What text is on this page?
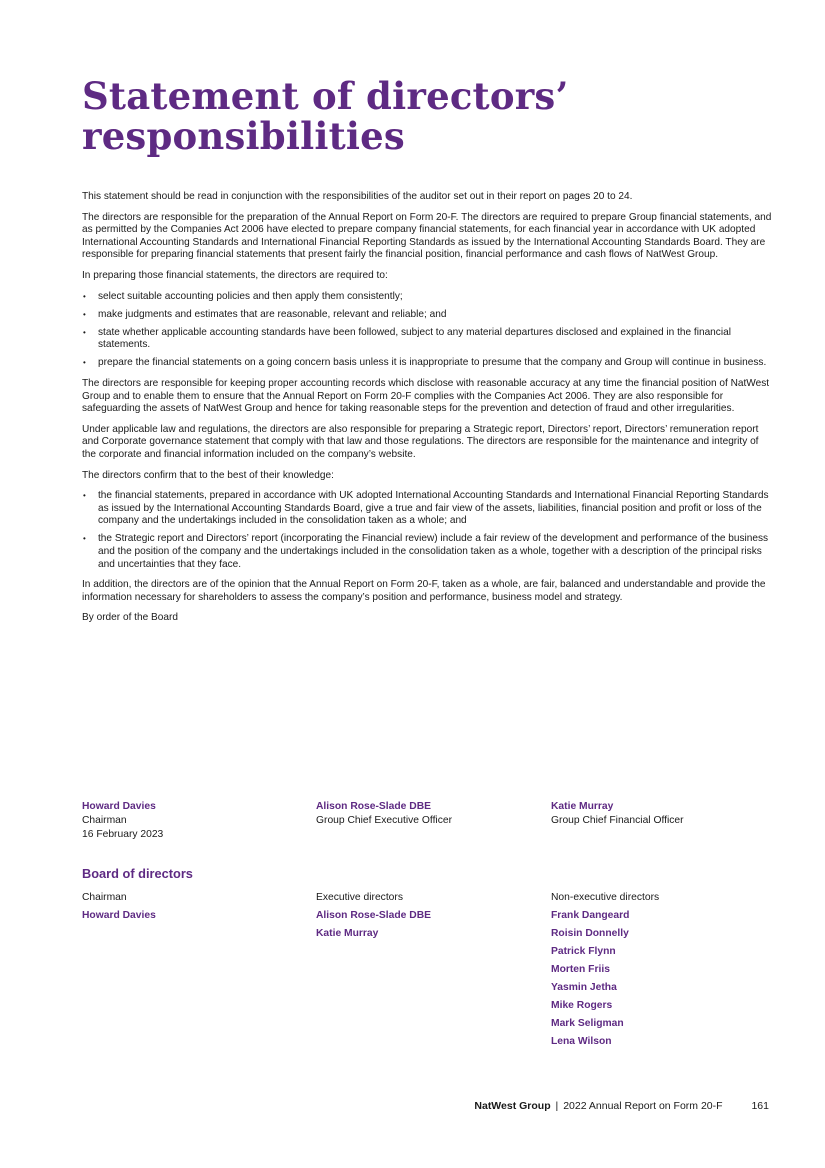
Statement of directors’ responsibilities

This statement should be read in conjunction with the responsibilities of the auditor set out in their report on pages 20 to 24.

The directors are responsible for the preparation of the Annual Report on Form 20-F. The directors are required to prepare Group financial statements, and as permitted by the Companies Act 2006 have elected to prepare company financial statements, for each financial year in accordance with UK adopted International Accounting Standards and International Financial Reporting Standards as issued by the International Accounting Standards Board. They are responsible for preparing financial statements that present fairly the financial position, financial performance and cash flows of NatWest Group.

In preparing those financial statements, the directors are required to:

• select suitable accounting policies and then apply them consistently;
• make judgments and estimates that are reasonable, relevant and reliable; and
• state whether applicable accounting standards have been followed, subject to any material departures disclosed and explained in the financial statements.
• prepare the financial statements on a going concern basis unless it is inappropriate to presume that the company and Group will continue in business.

The directors are responsible for keeping proper accounting records which disclose with reasonable accuracy at any time the financial position of NatWest Group and to enable them to ensure that the Annual Report on Form 20-F complies with the Companies Act 2006. They are also responsible for safeguarding the assets of NatWest Group and hence for taking reasonable steps for the prevention and detection of fraud and other irregularities.

Under applicable law and regulations, the directors are also responsible for preparing a Strategic report, Directors’ report, Directors’ remuneration report and Corporate governance statement that comply with that law and those regulations. The directors are responsible for the maintenance and integrity of the corporate and financial information included on the company’s website.

The directors confirm that to the best of their knowledge:

• the financial statements, prepared in accordance with UK adopted International Accounting Standards and International Financial Reporting Standards as issued by the International Accounting Standards Board, give a true and fair view of the assets, liabilities, financial position and profit or loss of the company and the undertakings included in the consolidation taken as a whole; and
• the Strategic report and Directors’ report (incorporating the Financial review) include a fair review of the development and performance of the business and the position of the company and the undertakings included in the consolidation taken as a whole, together with a description of the principal risks and uncertainties that they face.

In addition, the directors are of the opinion that the Annual Report on Form 20-F, taken as a whole, are fair, balanced and understandable and provide the information necessary for shareholders to assess the company’s position and performance, business model and strategy.

By order of the Board

Howard Davies
Chairman
16 February 2023
Alison Rose-Slade DBE
Group Chief Executive Officer
Katie Murray
Group Chief Financial Officer
Board of directors
Chairman
Howard Davies
Executive directors
Alison Rose-Slade DBE
Katie Murray
Non-executive directors
Frank Dangeard
Roisin Donnelly
Patrick Flynn
Morten Friis
Yasmin Jetha
Mike Rogers
Mark Seligman
Lena Wilson
NatWest Group | 2022 Annual Report on Form 20-F	161
